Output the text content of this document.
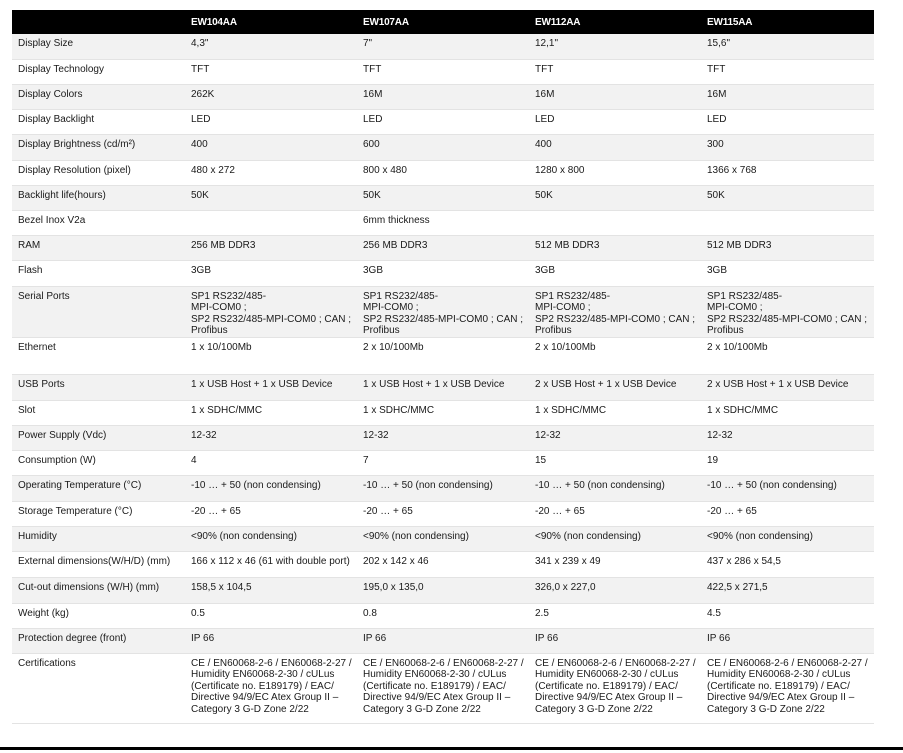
	EW104AA	EW107AA	EW112AA	EW115AA
Display Size	4,3"	7"	12,1"	15,6"

Display Technology	TFT	TFT	TFT	TFT

Display Colors	262K	16M	16M	16M

Display Backlight	LED	LED	LED	LED

Display Brightness (cd/m²)	400	600	400	300

Display Resolution (pixel)	480 x 272	800 x 480	1280 x 800	1366 x 768

Backlight life(hours)	50K	50K	50K	50K

Bezel Inox V2a		6mm thickness		

RAM	256 MB DDR3	256 MB DDR3	512 MB DDR3	512 MB DDR3

Flash	3GB	3GB	3GB	3GB

Serial Ports	SP1 RS232/485-
MPI-COM0 ;
SP2 RS232/485-MPI-COM0 ; CAN ;
Profibus	SP1 RS232/485-
MPI-COM0 ;
SP2 RS232/485-MPI-COM0 ; CAN ;
Profibus	SP1 RS232/485-
MPI-COM0 ;
SP2 RS232/485-MPI-COM0 ; CAN ;
Profibus	SP1 RS232/485-
MPI-COM0 ;
SP2 RS232/485-MPI-COM0 ; CAN ;
Profibus

Ethernet	1 x 10/100Mb	2 x 10/100Mb	2 x 10/100Mb	2 x 10/100Mb

USB Ports	1 x USB Host + 1 x USB Device	1 x USB Host + 1 x USB Device	2 x USB Host + 1 x USB Device	2 x USB Host + 1 x USB Device

Slot	1 x SDHC/MMC	1 x SDHC/MMC	1 x SDHC/MMC	1 x SDHC/MMC

Power Supply (Vdc)	12-32	12-32	12-32	12-32

Consumption (W)	4	7	15	19

Operating Temperature (°C)	-10 … + 50 (non condensing)	-10 … + 50 (non condensing)	-10 … + 50 (non condensing)	-10 … + 50 (non condensing)

Storage Temperature (°C)	-20 … + 65	-20 … + 65	-20 … + 65	-20 … + 65

Humidity	<90% (non condensing)	<90% (non condensing)	<90% (non condensing)	<90% (non condensing)

External dimensions(W/H/D) (mm)	166 x 112 x 46 (61 with double port)	202 x 142 x 46	341 x 239 x 49	437 x 286 x 54,5

Cut-out dimensions (W/H) (mm)	158,5 x 104,5	195,0 x 135,0	326,0 x 227,0	422,5 x 271,5

Weight (kg)	0.5	0.8	2.5	4.5

Protection degree (front)	IP 66	IP 66	IP 66	IP 66

Certifications	CE / EN60068-2-6 / EN60068-2-27 /
Humidity EN60068-2-30 / cULus
(Certificate no. E189179) / EAC/
Directive 94/9/EC Atex Group II –
Category 3 G-D Zone 2/22	CE / EN60068-2-6 / EN60068-2-27 /
Humidity EN60068-2-30 / cULus
(Certificate no. E189179) / EAC/
Directive 94/9/EC Atex Group II –
Category 3 G-D Zone 2/22	CE / EN60068-2-6 / EN60068-2-27 /
Humidity EN60068-2-30 / cULus
(Certificate no. E189179) / EAC/
Directive 94/9/EC Atex Group II –
Category 3 G-D Zone 2/22	CE / EN60068-2-6 / EN60068-2-27 /
Humidity EN60068-2-30 / cULus
(Certificate no. E189179) / EAC/
Directive 94/9/EC Atex Group II –
Category 3 G-D Zone 2/22
